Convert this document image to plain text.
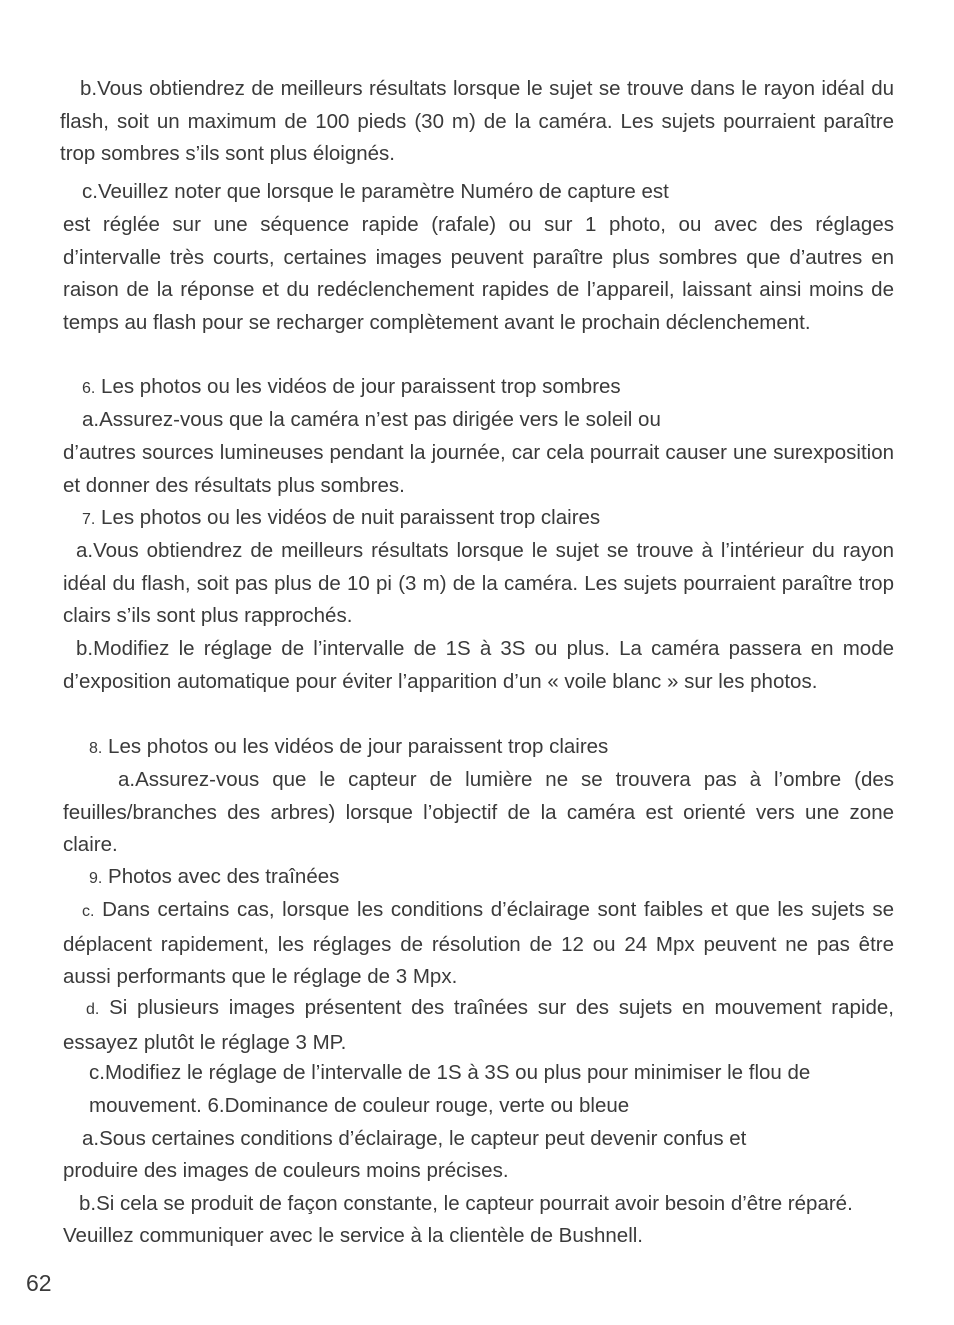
b.Vous obtiendrez de meilleurs résultats lorsque le sujet se trouve dans le rayon idéal du flash, soit un maximum de 100 pieds (30 m) de la caméra. Les sujets pourraient paraître trop sombres s’ils sont plus éloignés.

c.Veuillez noter que lorsque le paramètre Numéro de capture est

est réglée sur une séquence rapide (rafale) ou sur 1 photo, ou avec des réglages d’intervalle très courts, certaines images peuvent paraître plus sombres que d’autres en raison de la réponse et du redéclenchement rapides de l’appareil, laissant ainsi moins de temps au flash pour se recharger complètement avant le prochain déclenchement.

6. Les photos ou les vidéos de jour paraissent trop sombres

a.Assurez-vous que la caméra n’est pas dirigée vers le soleil ou

d’autres sources lumineuses pendant la journée, car cela pourrait causer une surexposition et donner des résultats plus sombres.

7. Les photos ou les vidéos de nuit paraissent trop claires

a.Vous obtiendrez de meilleurs résultats lorsque le sujet se trouve à l’intérieur du rayon idéal du flash, soit pas plus de 10 pi (3 m) de la caméra. Les sujets pourraient paraître trop clairs s’ils sont plus rapprochés.

b.Modifiez le réglage de l’intervalle de 1S à 3S ou plus. La caméra passera en mode d’exposition automatique pour éviter l’apparition d’un « voile blanc » sur les photos.

8. Les photos ou les vidéos de jour paraissent trop claires

a.Assurez-vous que le capteur de lumière ne se trouvera pas à l’ombre (des feuilles/branches des arbres) lorsque l’objectif de la caméra est orienté vers une zone claire.

9. Photos avec des traînées

c. Dans certains cas, lorsque les conditions d’éclairage sont faibles et que les sujets se déplacent rapidement, les réglages de résolution de 12 ou 24 Mpx peuvent ne pas être aussi performants que le réglage de 3 Mpx.

d. Si plusieurs images présentent des traînées sur des sujets en mouvement rapide, essayez plutôt le réglage 3 MP.

c.Modifiez le réglage de l’intervalle de 1S à 3S ou plus pour minimiser le flou de

mouvement. 6.Dominance de couleur rouge, verte ou bleue

a.Sous certaines conditions d’éclairage, le capteur peut devenir confus et

produire des images de couleurs moins précises.

b.Si cela se produit de façon constante, le capteur pourrait avoir besoin d’être réparé.

Veuillez communiquer avec le service à la clientèle de Bushnell.

62
